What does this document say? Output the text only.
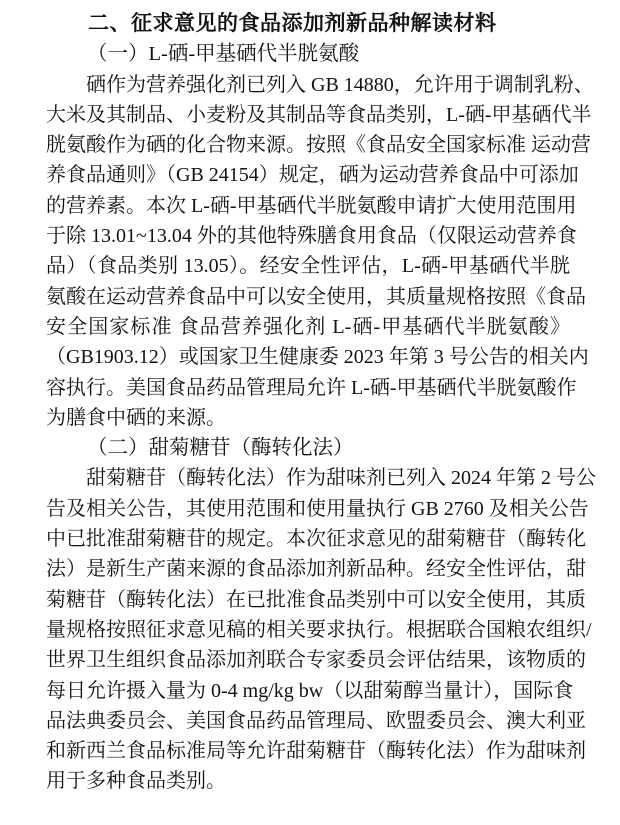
二、征求意见的食品添加剂新品种解读材料
（一）L-硒-甲基硒代半胱氨酸
硒作为营养强化剂已列入 GB 14880，允许用于调制乳粉、
大米及其制品、小麦粉及其制品等食品类别，L-硒-甲基硒代半
胱氨酸作为硒的化合物来源。按照《食品安全国家标准 运动营
养食品通则》（GB 24154）规定，硒为运动营养食品中可添加
的营养素。本次 L-硒-甲基硒代半胱氨酸申请扩大使用范围用
于除 13.01~13.04 外的其他特殊膳食用食品（仅限运动营养食
品）（食品类别 13.05）。经安全性评估，L-硒-甲基硒代半胱
氨酸在运动营养食品中可以安全使用，其质量规格按照《食品
安全国家标准 食品营养强化剂 L-硒-甲基硒代半胱氨酸》
（GB1903.12）或国家卫生健康委 2023 年第 3 号公告的相关内
容执行。美国食品药品管理局允许 L-硒-甲基硒代半胱氨酸作
为膳食中硒的来源。
（二）甜菊糖苷（酶转化法）
甜菊糖苷（酶转化法）作为甜味剂已列入 2024 年第 2 号公
告及相关公告，其使用范围和使用量执行 GB 2760 及相关公告
中已批准甜菊糖苷的规定。本次征求意见的甜菊糖苷（酶转化
法）是新生产菌来源的食品添加剂新品种。经安全性评估，甜
菊糖苷（酶转化法）在已批准食品类别中可以安全使用，其质
量规格按照征求意见稿的相关要求执行。根据联合国粮农组织/
世界卫生组织食品添加剂联合专家委员会评估结果，该物质的
每日允许摄入量为 0-4 mg/kg bw（以甜菊醇当量计），国际食
品法典委员会、美国食品药品管理局、欧盟委员会、澳大利亚
和新西兰食品标准局等允许甜菊糖苷（酶转化法）作为甜味剂
用于多种食品类别。
